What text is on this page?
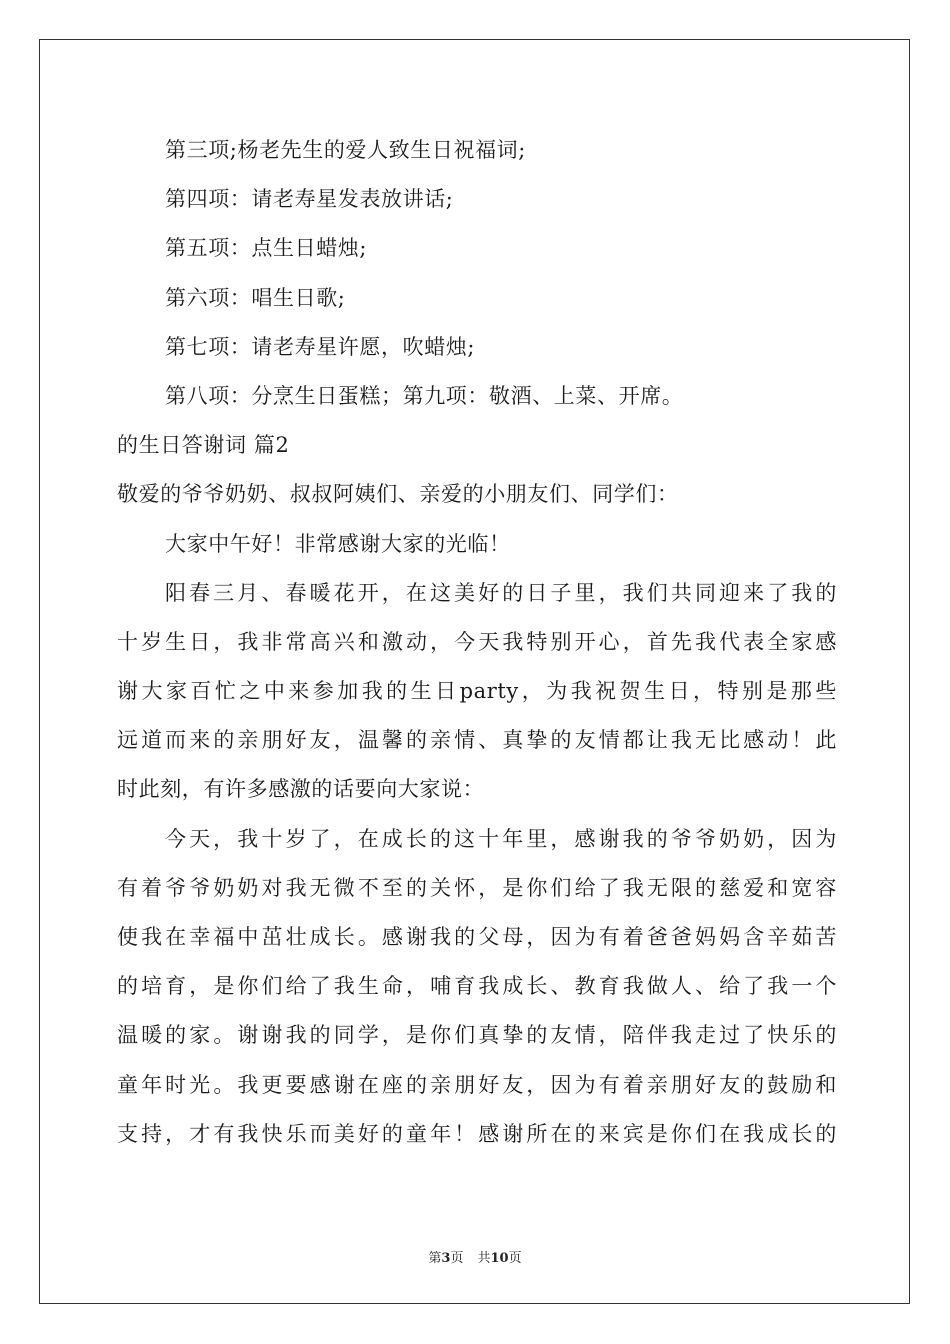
第三项;杨老先生的爱人致生日祝福词;
第四项：请老寿星发表放讲话;
第五项：点生日蜡烛;
第六项：唱生日歌;
第七项：请老寿星许愿，吹蜡烛;
第八项：分烹生日蛋糕；第九项：敬酒、上菜、开席。
的生日答谢词 篇2
敬爱的爷爷奶奶、叔叔阿姨们、亲爱的小朋友们、同学们：
大家中午好！非常感谢大家的光临！
阳春三月、春暖花开，在这美好的日子里，我们共同迎来了我的
十岁生日，我非常高兴和激动，今天我特别开心，首先我代表全家感
谢大家百忙之中来参加我的生日party，为我祝贺生日，特别是那些
远道而来的亲朋好友，温馨的亲情、真挚的友情都让我无比感动！此
时此刻，有许多感激的话要向大家说：
今天，我十岁了，在成长的这十年里，感谢我的爷爷奶奶，因为
有着爷爷奶奶对我无微不至的关怀，是你们给了我无限的慈爱和宽容
使我在幸福中茁壮成长。感谢我的父母，因为有着爸爸妈妈含辛茹苦
的培育，是你们给了我生命，哺育我成长、教育我做人、给了我一个
温暖的家。谢谢我的同学，是你们真挚的友情，陪伴我走过了快乐的
童年时光。我更要感谢在座的亲朋好友，因为有着亲朋好友的鼓励和
支持，才有我快乐而美好的童年！感谢所在的来宾是你们在我成长的
第3页 共10页
